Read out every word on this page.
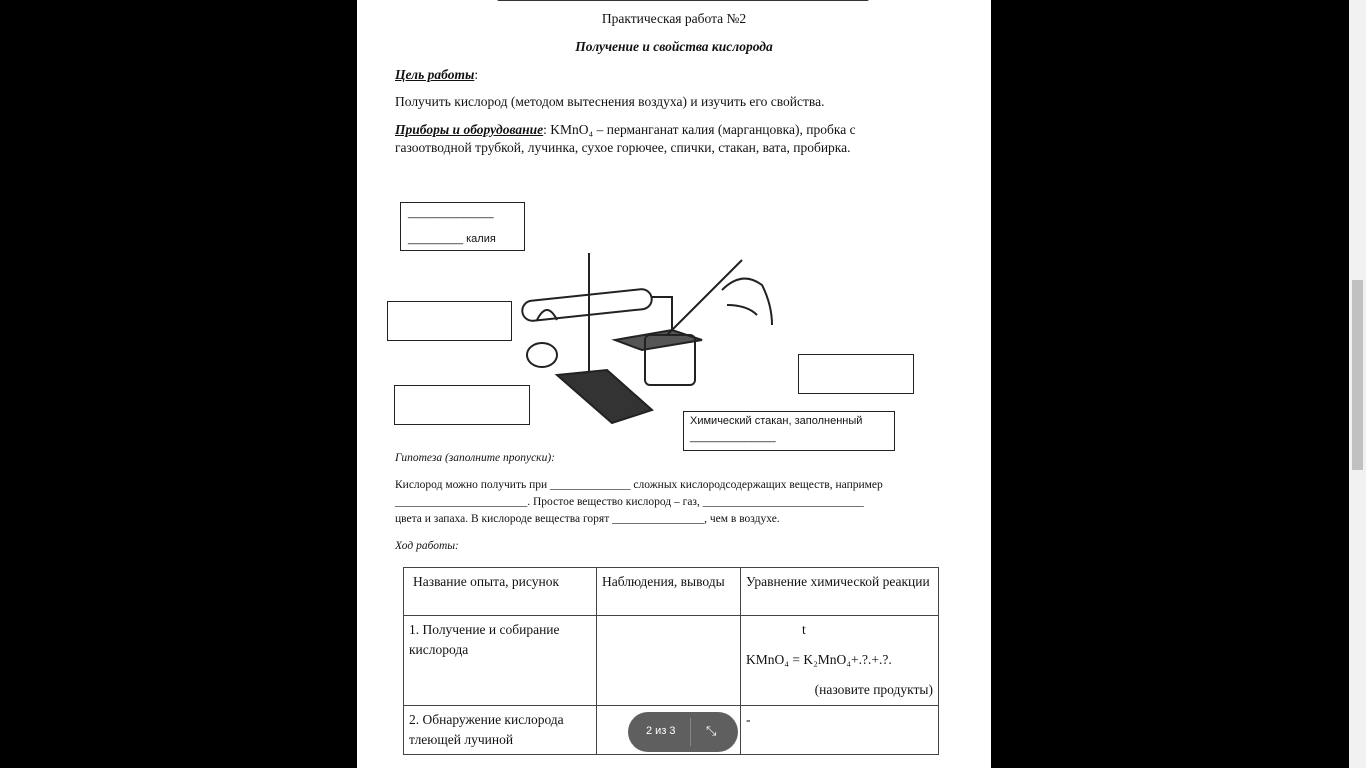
Практическая работа №2
Получение и свойства кислорода
Цель работы:
Получить кислород (методом вытеснения воздуха) и изучить его свойства.
Приборы и оборудование: KMnO₄ – перманганат калия (марганцовка), пробка с
газоотводной трубкой, лучинка, сухое горючее, спички, стакан, вата, пробирка.
______________
_________ калия
Химический стакан, заполненный
______________
Гипотеза (заполните пропуски):
Кислород можно получить при ______________ сложных кислородсодержащих веществ, например
_______________________. Простое вещество кислород – газ, ____________________________
цвета и запаха. В кислороде вещества горят ________________, чем в воздухе.
Ход работы:
Название опыта, рисунок	Наблюдения, выводы	Уравнение химической реакции
1. Получение и собирание кислорода		t
KMnO₄ = K₂MnO₄+.?.+.?.
(назовите продукты)

2. Обнаружение кислорода тлеющей лучиной		-
2 из 3 ⤡
